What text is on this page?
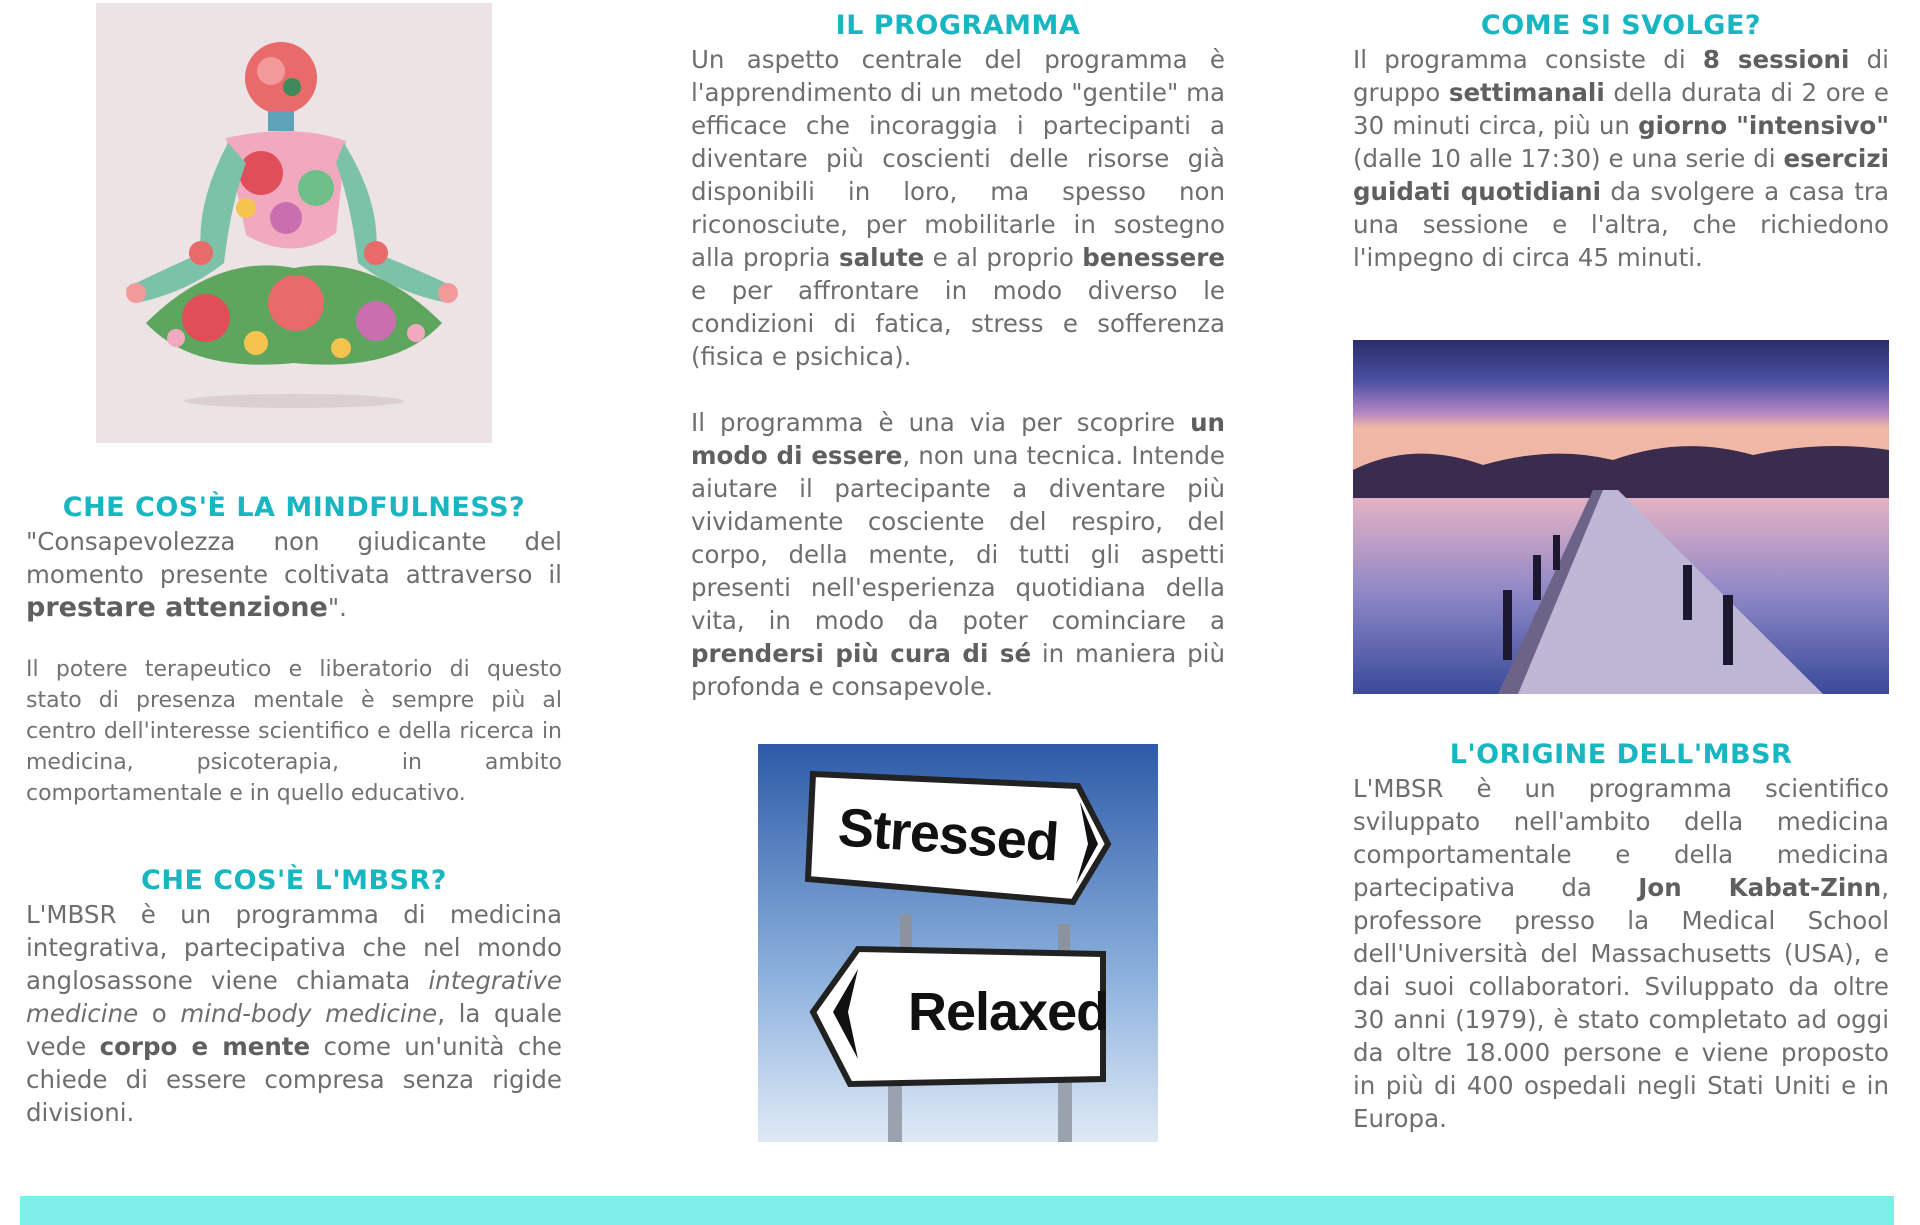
CHE COS'È LA MINDFULNESS?

"Consapevolezza non giudicante del momento presente coltivata attraverso il prestare attenzione".

Il potere terapeutico e liberatorio di questo stato di presenza mentale è sempre più al centro dell'interesse scientifico e della ricerca in medicina, psicoterapia, in ambito comportamentale e in quello educativo.

CHE COS'È L'MBSR?

L'MBSR è un programma di medicina integrativa, partecipativa che nel mondo anglosassone viene chiamata integrative medicine o mind-body medicine, la quale vede corpo e mente come un'unità che chiede di essere compresa senza rigide divisioni.

IL PROGRAMMA

Un aspetto centrale del programma è l'apprendimento di un metodo "gentile" ma efficace che incoraggia i partecipanti a diventare più coscienti delle risorse già disponibili in loro, ma spesso non riconosciute, per mobilitarle in sostegno alla propria salute e al proprio benessere e per affrontare in modo diverso le condizioni di fatica, stress e sofferenza (fisica e psichica).

Il programma è una via per scoprire un modo di essere, non una tecnica. Intende aiutare il partecipante a diventare più vividamente cosciente del respiro, del corpo, della mente, di tutti gli aspetti presenti nell'esperienza quotidiana della vita, in modo da poter cominciare a prendersi più cura di sé in maniera più profonda e consapevole.

Stressed
Relaxed
COME SI SVOLGE?

Il programma consiste di 8 sessioni di gruppo settimanali della durata di 2 ore e 30 minuti circa, più un giorno "intensivo" (dalle 10 alle 17:30) e una serie di esercizi guidati quotidiani da svolgere a casa tra una sessione e l'altra, che richiedono l'impegno di circa 45 minuti.

L'ORIGINE DELL'MBSR

L'MBSR è un programma scientifico sviluppato nell'ambito della medicina comportamentale e della medicina partecipativa da Jon Kabat-Zinn, professore presso la Medical School dell'Università del Massachusetts (USA), e dai suoi collaboratori. Sviluppato da oltre 30 anni (1979), è stato completato ad oggi da oltre 18.000 persone e viene proposto in più di 400 ospedali negli Stati Uniti e in Europa.
